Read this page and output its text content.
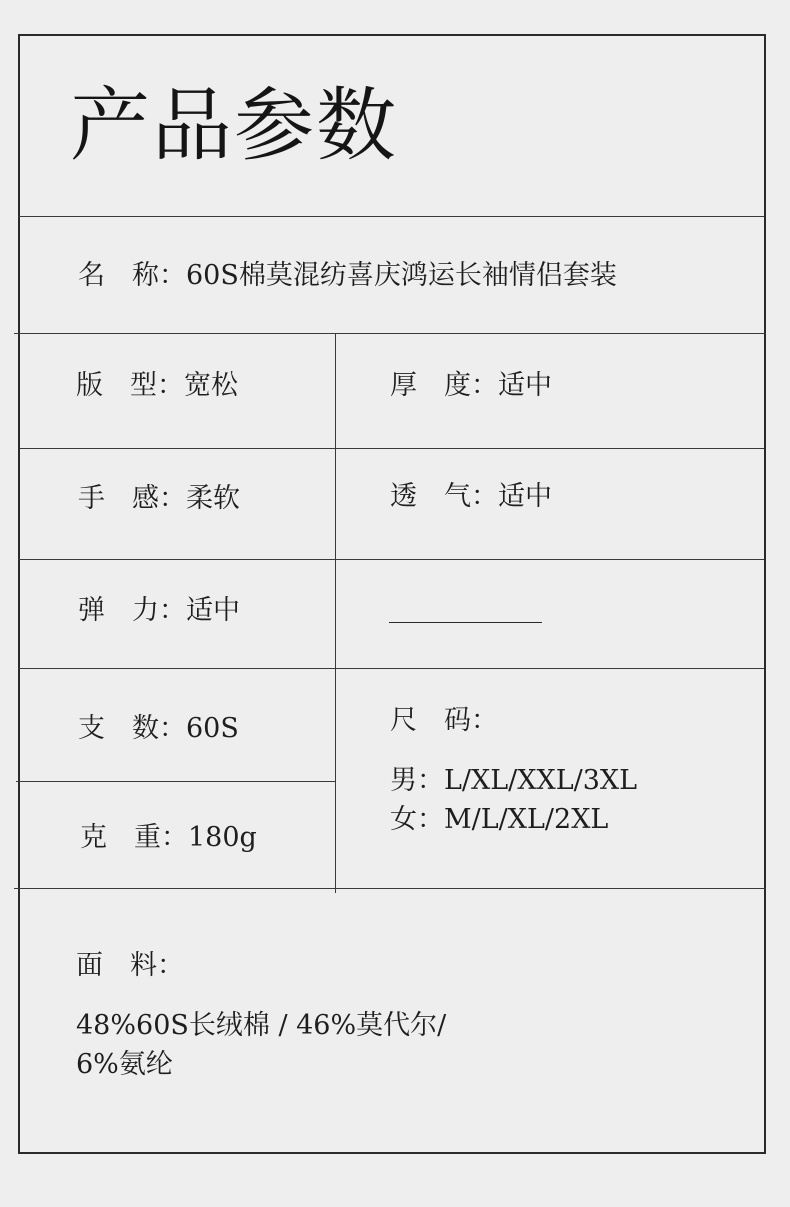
产品参数
名　称：60S棉莫混纺喜庆鸿运长袖情侣套装
版　型：宽松	厚　度：适中
手　感：柔软	透　气：适中
弹　力：适中
支　数：60S
克　重：180g
尺　码：
男：L/XL/XXL/3XL
女：M/L/XL/2XL
面　料：
48%60S长绒棉 / 46%莫代尔/
6%氨纶
